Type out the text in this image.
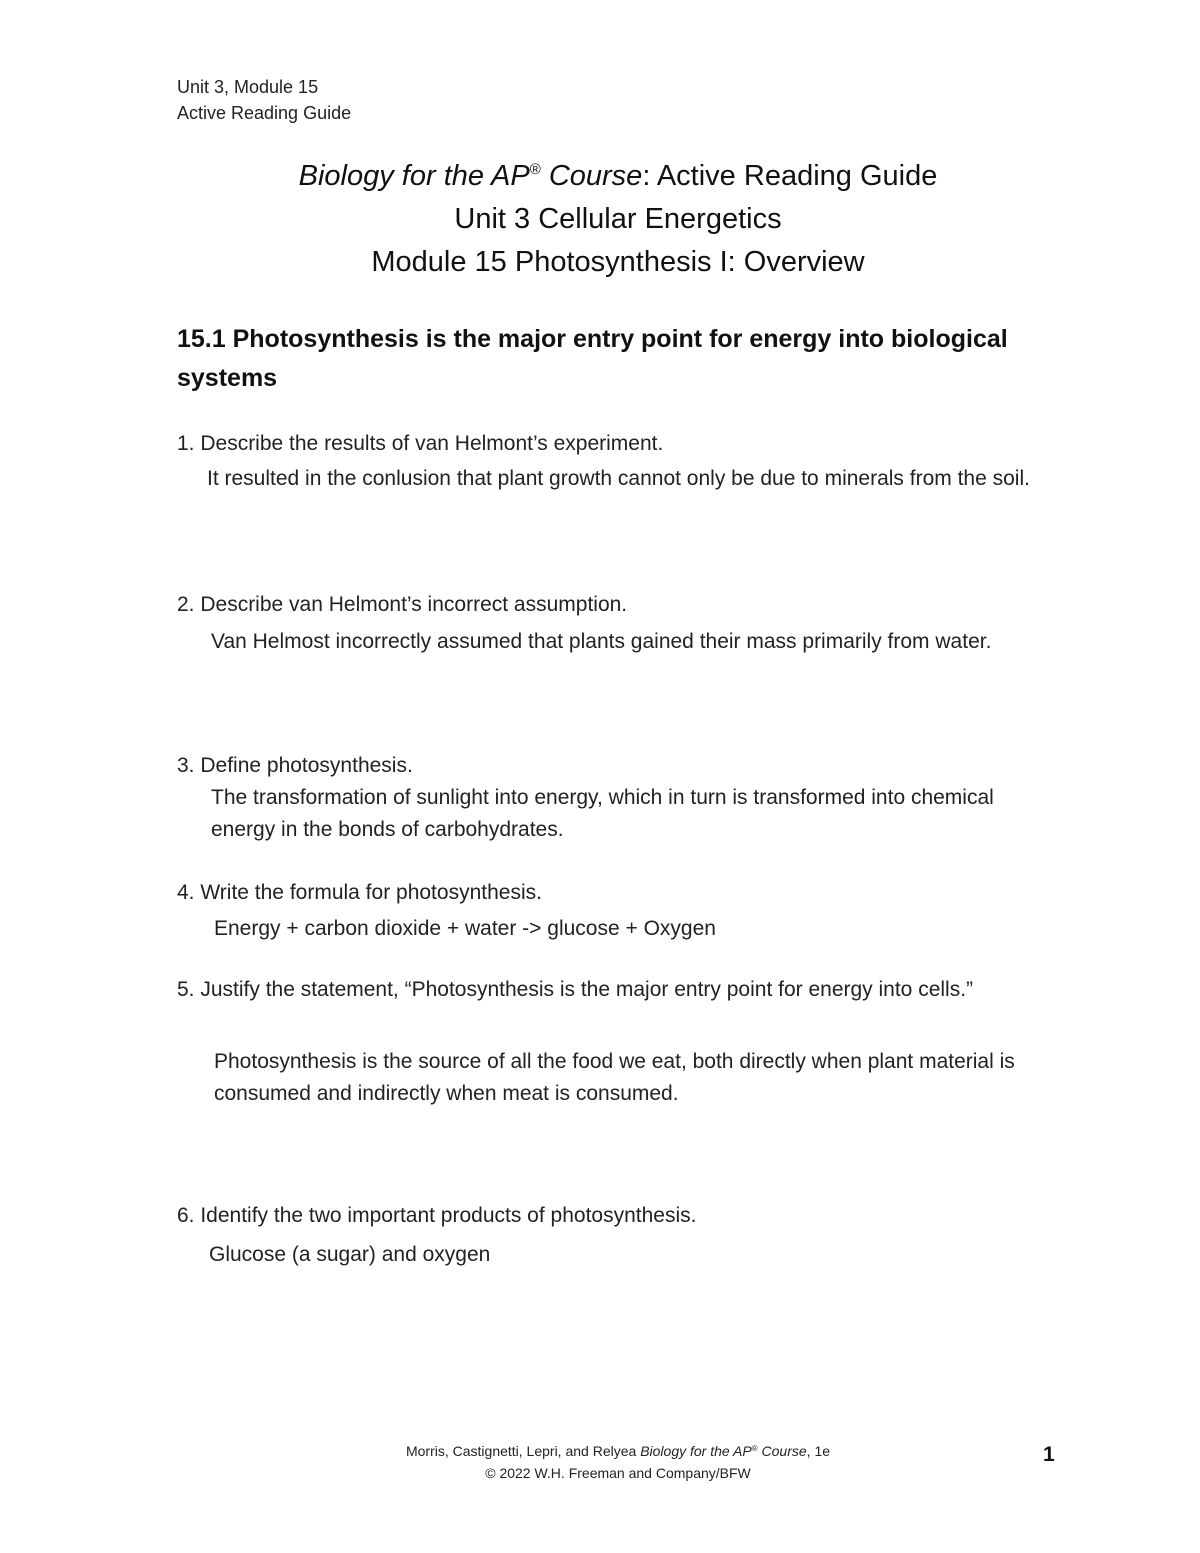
Unit 3, Module 15
Active Reading Guide
Biology for the AP® Course: Active Reading Guide
Unit 3 Cellular Energetics
Module 15 Photosynthesis I: Overview
15.1 Photosynthesis is the major entry point for energy into biological systems
1. Describe the results of van Helmont’s experiment.
It resulted in the conlusion that plant growth cannot only be due to minerals from the soil.
2. Describe van Helmont’s incorrect assumption.
Van Helmost incorrectly assumed that plants gained their mass primarily from water.
3. Define photosynthesis.
The transformation of sunlight into energy, which in turn is transformed into chemical energy in the bonds of carbohydrates.
4. Write the formula for photosynthesis.
Energy + carbon dioxide + water -> glucose + Oxygen
5. Justify the statement, “Photosynthesis is the major entry point for energy into cells.”
Photosynthesis is the source of all the food we eat, both directly when plant material is consumed and indirectly when meat is consumed.
6. Identify the two important products of photosynthesis.
Glucose (a sugar) and oxygen
Morris, Castignetti, Lepri, and Relyea Biology for the AP® Course, 1e
© 2022 W.H. Freeman and Company/BFW
1
